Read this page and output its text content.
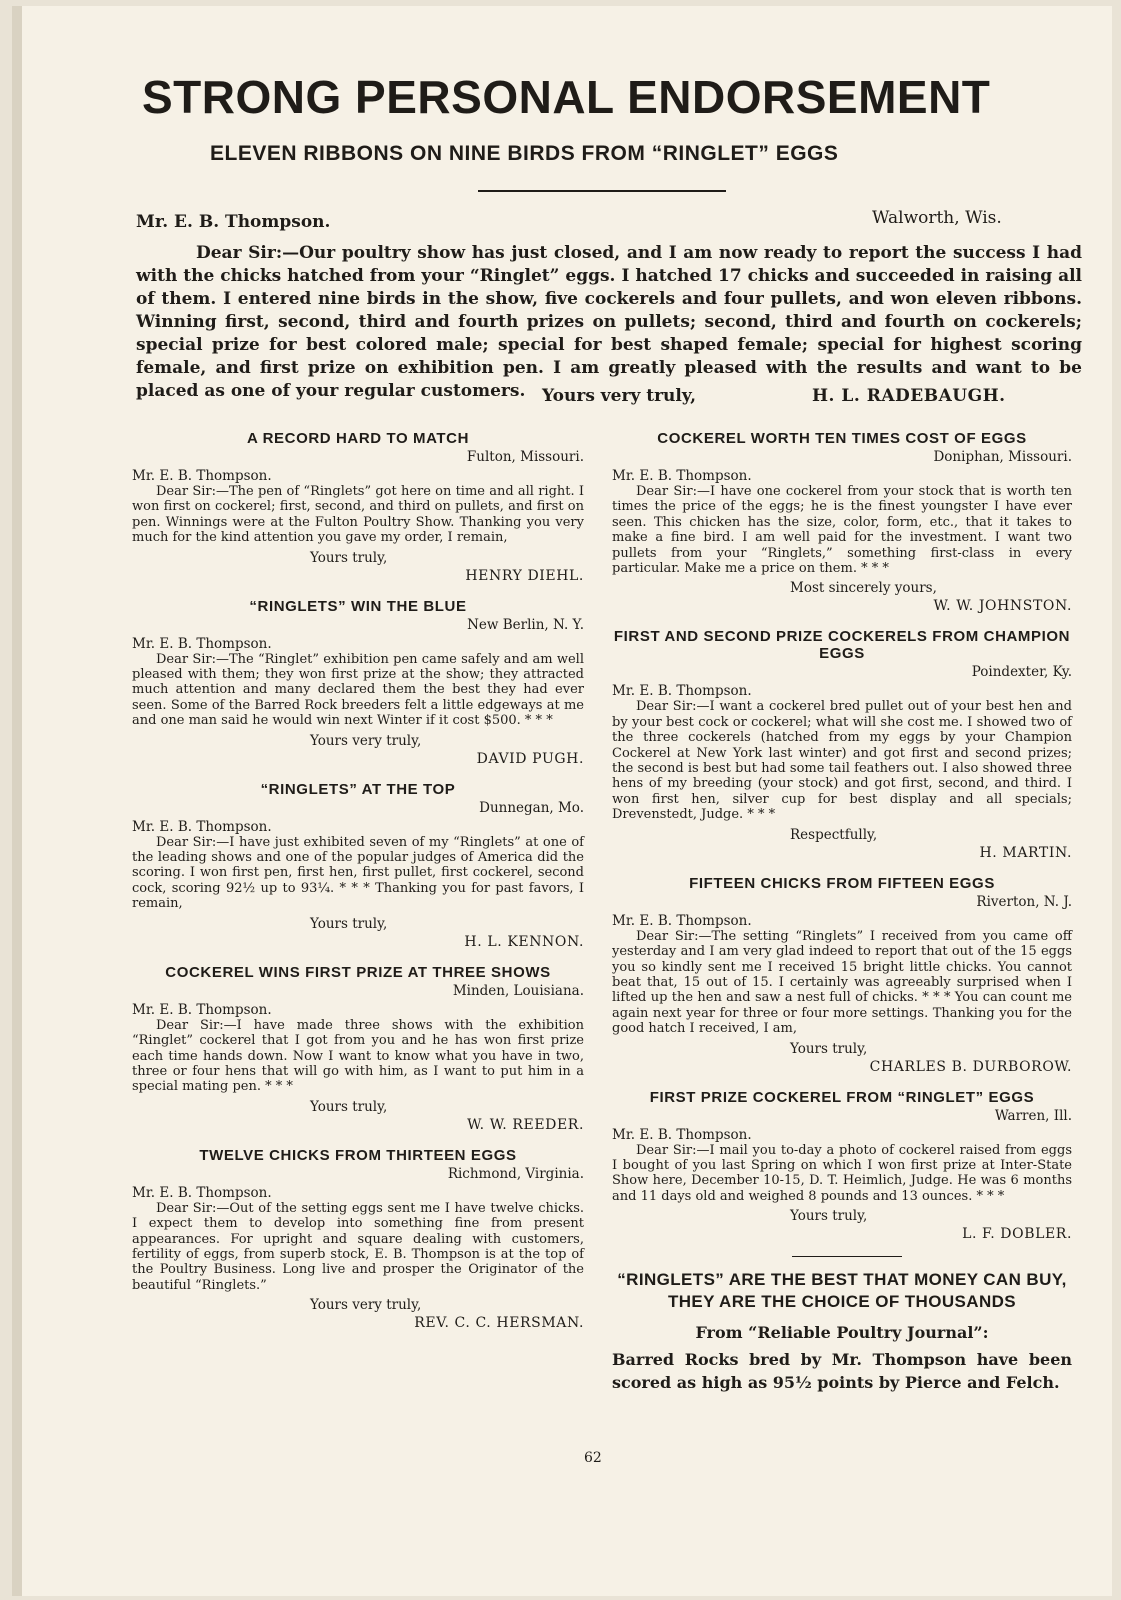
STRONG PERSONAL ENDORSEMENT
ELEVEN RIBBONS ON NINE BIRDS FROM “RINGLET” EGGS
Mr. E. B. Thompson.	Walworth, Wis.

Dear Sir:—Our poultry show has just closed, and I am now ready to report the success I had with the chicks hatched from your “Ringlet” eggs. I hatched 17 chicks and succeeded in raising all of them. I entered nine birds in the show, five cockerels and four pullets, and won eleven ribbons. Winning first, second, third and fourth prizes on pullets; second, third and fourth on cockerels; special prize for best colored male; special for best shaped female; special for highest scoring female, and first prize on exhibition pen. I am greatly pleased with the results and want to be placed as one of your regular customers. Yours very truly,	H. L. RADEBAUGH.
A RECORD HARD TO MATCH
Fulton, Missouri.
Mr. E. B. Thompson.

Dear Sir:—The pen of “Ringlets” got here on time and all right. I won first on cockerel; first, second, and third on pullets, and first on pen. Winnings were at the Fulton Poultry Show. Thanking you very much for the kind attention you gave my order, I remain,

Yours truly,
HENRY DIEHL.
“RINGLETS” WIN THE BLUE
New Berlin, N. Y.
Mr. E. B. Thompson.

Dear Sir:—The “Ringlet” exhibition pen came safely and am well pleased with them; they won first prize at the show; they attracted much attention and many declared them the best they had ever seen. Some of the Barred Rock breeders felt a little edgeways at me and one man said he would win next Winter if it cost $500. * * *

Yours very truly,
DAVID PUGH.
“RINGLETS” AT THE TOP
Dunnegan, Mo.
Mr. E. B. Thompson.

Dear Sir:—I have just exhibited seven of my “Ringlets” at one of the leading shows and one of the popular judges of America did the scoring. I won first pen, first hen, first pullet, first cockerel, second cock, scoring 92½ up to 93¼. * * * Thanking you for past favors, I remain,

Yours truly,
H. L. KENNON.
COCKEREL WINS FIRST PRIZE AT THREE SHOWS
Minden, Louisiana.
Mr. E. B. Thompson.

Dear Sir:—I have made three shows with the exhibition “Ringlet” cockerel that I got from you and he has won first prize each time hands down. Now I want to know what you have in two, three or four hens that will go with him, as I want to put him in a special mating pen. * * *

Yours truly,
W. W. REEDER.
TWELVE CHICKS FROM THIRTEEN EGGS
Richmond, Virginia.
Mr. E. B. Thompson.

Dear Sir:—Out of the setting eggs sent me I have twelve chicks. I expect them to develop into something fine from present appearances. For upright and square dealing with customers, fertility of eggs, from superb stock, E. B. Thompson is at the top of the Poultry Business. Long live and prosper the Originator of the beautiful “Ringlets.”

Yours very truly,
REV. C. C. HERSMAN.
COCKEREL WORTH TEN TIMES COST OF EGGS
Doniphan, Missouri.
Mr. E. B. Thompson.

Dear Sir:—I have one cockerel from your stock that is worth ten times the price of the eggs; he is the finest youngster I have ever seen. This chicken has the size, color, form, etc., that it takes to make a fine bird. I am well paid for the investment. I want two pullets from your “Ringlets,” something first-class in every particular. Make me a price on them. * * *

Most sincerely yours,
W. W. JOHNSTON.
FIRST AND SECOND PRIZE COCKERELS FROM CHAMPION EGGS
Poindexter, Ky.
Mr. E. B. Thompson.

Dear Sir:—I want a cockerel bred pullet out of your best hen and by your best cock or cockerel; what will she cost me. I showed two of the three cockerels (hatched from my eggs by your Champion Cockerel at New York last winter) and got first and second prizes; the second is best but had some tail feathers out. I also showed three hens of my breeding (your stock) and got first, second, and third. I won first hen, silver cup for best display and all specials; Drevenstedt, Judge. * * *

Respectfully,
H. MARTIN.
FIFTEEN CHICKS FROM FIFTEEN EGGS
Riverton, N. J.
Mr. E. B. Thompson.

Dear Sir:—The setting “Ringlets” I received from you came off yesterday and I am very glad indeed to report that out of the 15 eggs you so kindly sent me I received 15 bright little chicks. You cannot beat that, 15 out of 15. I certainly was agreeably surprised when I lifted up the hen and saw a nest full of chicks. * * * You can count me again next year for three or four more settings. Thanking you for the good hatch I received, I am,

Yours truly,
CHARLES B. DURBOROW.
FIRST PRIZE COCKEREL FROM “RINGLET” EGGS
Warren, Ill.
Mr. E. B. Thompson.

Dear Sir:—I mail you to-day a photo of cockerel raised from eggs I bought of you last Spring on which I won first prize at Inter-State Show here, December 10-15, D. T. Heimlich, Judge. He was 6 months and 11 days old and weighed 8 pounds and 13 ounces. * * *

Yours truly,
L. F. DOBLER.
“RINGLETS” ARE THE BEST THAT MONEY CAN BUY, THEY ARE THE CHOICE OF THOUSANDS
From “Reliable Poultry Journal”:
Barred Rocks bred by Mr. Thompson have been scored as high as 95½ points by Pierce and Felch.
62
